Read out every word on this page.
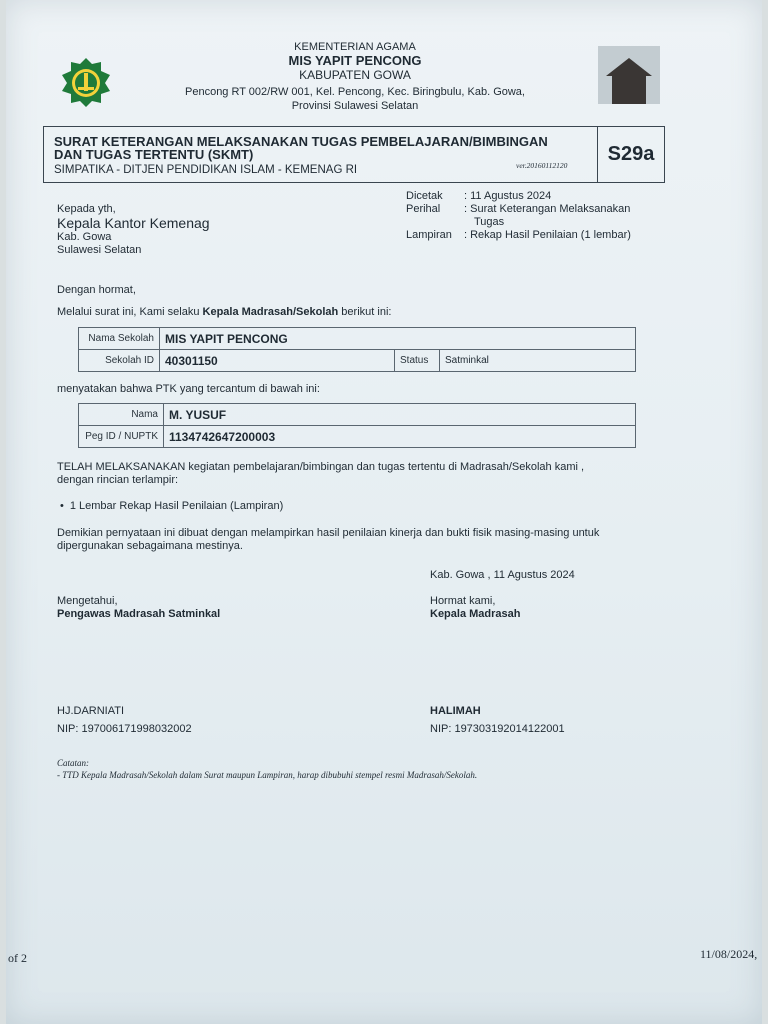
KEMENTERIAN AGAMA
MIS YAPIT PENCONG
KABUPATEN GOWA
Pencong RT 002/RW 001, Kel. Pencong, Kec. Biringbulu, Kab. Gowa,
Provinsi Sulawesi Selatan
SURAT KETERANGAN MELAKSANAKAN TUGAS PEMBELAJARAN/BIMBINGAN
DAN TUGAS TERTENTU (SKMT)
SIMPATIKA - DITJEN PENDIDIKAN ISLAM - KEMENAG RI	ver.20160112120
S29a
Dicetak	: 11 Agustus 2024
Perihal	: Surat Keterangan Melaksanakan
Tugas
Lampiran	: Rekap Hasil Penilaian (1 lembar)
Kepada yth,
Kepala Kantor Kemenag
Kab. Gowa
Sulawesi Selatan
Dengan hormat,
Melalui surat ini, Kami selaku Kepala Madrasah/Sekolah berikut ini:
Nama Sekolah	MIS YAPIT PENCONG		
Sekolah ID	40301150	Status	Satminkal
menyatakan bahwa PTK yang tercantum di bawah ini:
Nama	M. YUSUF
Peg ID / NUPTK	1134742647200003
TELAH MELAKSANAKAN kegiatan pembelajaran/bimbingan dan tugas tertentu di Madrasah/Sekolah kami ,
dengan rincian terlampir:
• 1 Lembar Rekap Hasil Penilaian (Lampiran)
Demikian pernyataan ini dibuat dengan melampirkan hasil penilaian kinerja dan bukti fisik masing-masing untuk
dipergunakan sebagaimana mestinya.
Kab. Gowa , 11 Agustus 2024
Mengetahui,
Pengawas Madrasah Satminkal
Hormat kami,
Kepala Madrasah
HJ.DARNIATI
NIP: 197006171998032002
HALIMAH
NIP: 197303192014122001
Catatan:
- TTD Kepala Madrasah/Sekolah dalam Surat maupun Lampiran, harap dibubuhi stempel resmi Madrasah/Sekolah.
of 2	11/08/2024,
